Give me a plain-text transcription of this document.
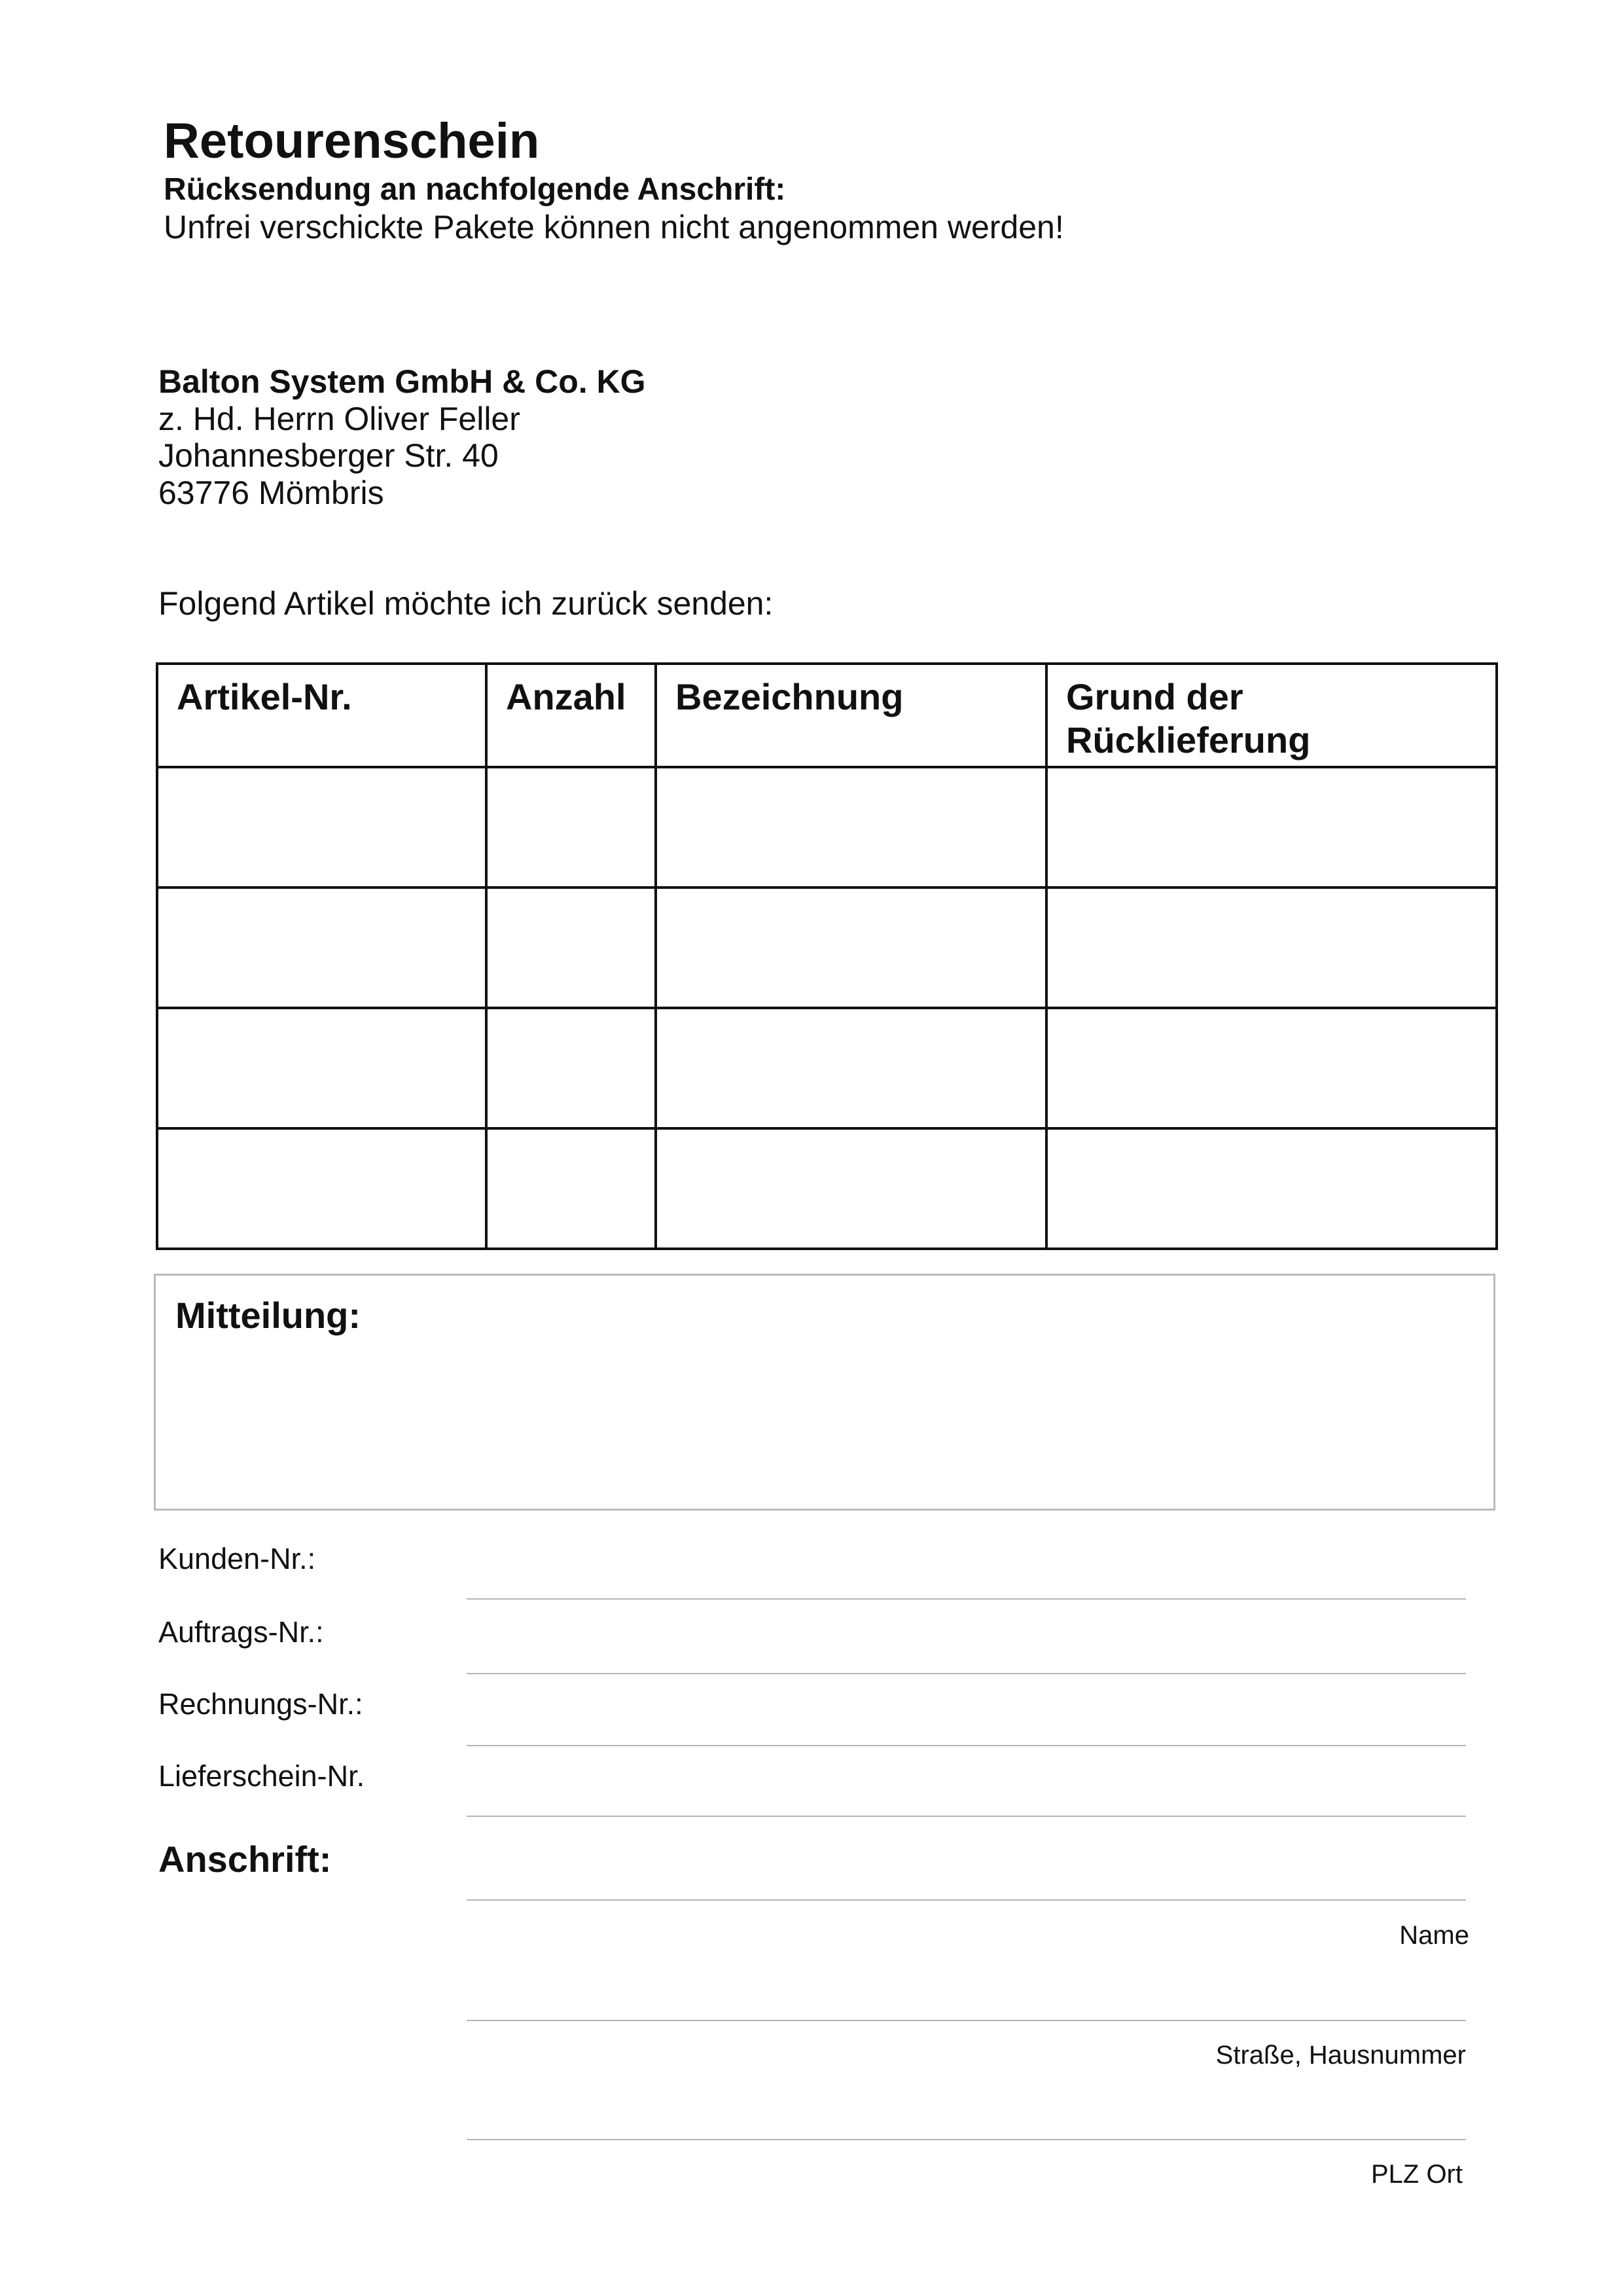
Retourenschein
Rücksendung an nachfolgende Anschrift:
Unfrei verschickte Pakete können nicht angenommen werden!
Balton System GmbH & Co. KG
z. Hd. Herrn Oliver Feller
Johannesberger Str. 40
63776 Mömbris
Folgend Artikel möchte ich zurück senden:
Artikel-Nr.	Anzahl	Bezeichnung	Grund der Rücklieferung

Mitteilung:
Kunden-Nr.:
Auftrags-Nr.:
Rechnungs-Nr.:
Lieferschein-Nr.
Anschrift:
Name
Straße, Hausnummer
PLZ Ort
